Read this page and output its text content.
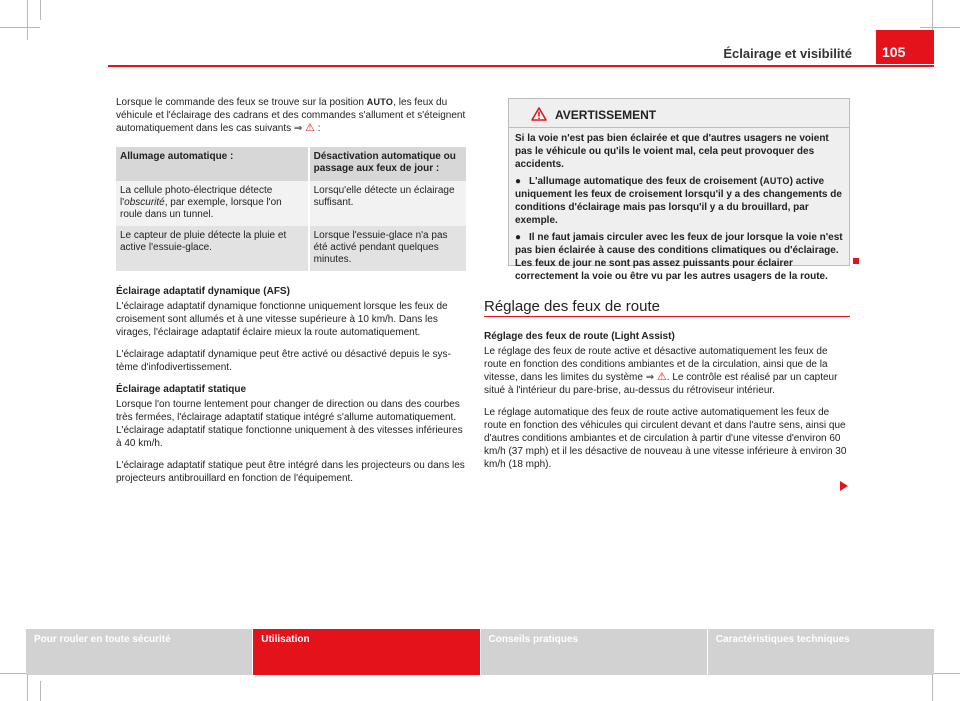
Éclairage et visibilité	105

Lorsque le commande des feux se trouve sur la position AUTO, les feux du véhicule et l'éclairage des cadrans et des commandes s'allument et s'éteignent automatiquement dans les cas suivants ⇒ ⚠ :

Allumage automatique :	Désactivation automatique ou passage aux feux de jour :
La cellule photo-électrique détecte l'obscurité, par exemple, lorsque l'on roule dans un tunnel.	Lorsqu'elle détecte un éclairage suffisant.
Le capteur de pluie détecte la pluie et active l'essuie-glace.	Lorsque l'essuie-glace n'a pas été activé pendant quelques minutes.
Éclairage adaptatif dynamique (AFS)

L'éclairage adaptatif dynamique fonctionne uniquement lorsque les feux de croisement sont allumés et à une vitesse supérieure à 10 km/h. Dans les virages, l'éclairage adaptatif éclaire mieux la route automatiquement.

L'éclairage adaptatif dynamique peut être activé ou désactivé depuis le système d'infodivertissement.

Éclairage adaptatif statique

Lorsque l'on tourne lentement pour changer de direction ou dans des courbes très fermées, l'éclairage adaptatif statique intégré s'allume automatiquement. L'éclairage adaptatif statique fonctionne uniquement à des vitesses inférieures à 40 km/h.

L'éclairage adaptatif statique peut être intégré dans les projecteurs ou dans les projecteurs antibrouillard en fonction de l'équipement.

AVERTISSEMENT

Si la voie n'est pas bien éclairée et que d'autres usagers ne voient pas le véhicule ou qu'ils le voient mal, cela peut provoquer des accidents.

● L'allumage automatique des feux de croisement (AUTO) active uniquement les feux de croisement lorsqu'il y a des changements de conditions d'éclairage mais pas lorsqu'il y a du brouillard, par exemple.

● Il ne faut jamais circuler avec les feux de jour lorsque la voie n'est pas bien éclairée à cause des conditions climatiques ou d'éclairage. Les feux de jour ne sont pas assez puissants pour éclairer correctement la voie ou être vu par les autres usagers de la route.

Réglage des feux de route
Réglage des feux de route (Light Assist)

Le réglage des feux de route active et désactive automatiquement les feux de route en fonction des conditions ambiantes et de la circulation, ainsi que de la vitesse, dans les limites du système ⇒ ⚠. Le contrôle est réalisé par un capteur situé à l'intérieur du pare-brise, au-dessus du rétroviseur intérieur.

Le réglage automatique des feux de route active automatiquement les feux de route en fonction des véhicules qui circulent devant et dans l'autre sens, ainsi que d'autres conditions ambiantes et de circulation à partir d'une vitesse d'environ 60 km/h (37 mph) et il les désactive de nouveau à une vitesse inférieure à environ 30 km/h (18 mph).

Pour rouler en toute sécurité	Utilisation	Conseils pratiques	Caractéristiques techniques
